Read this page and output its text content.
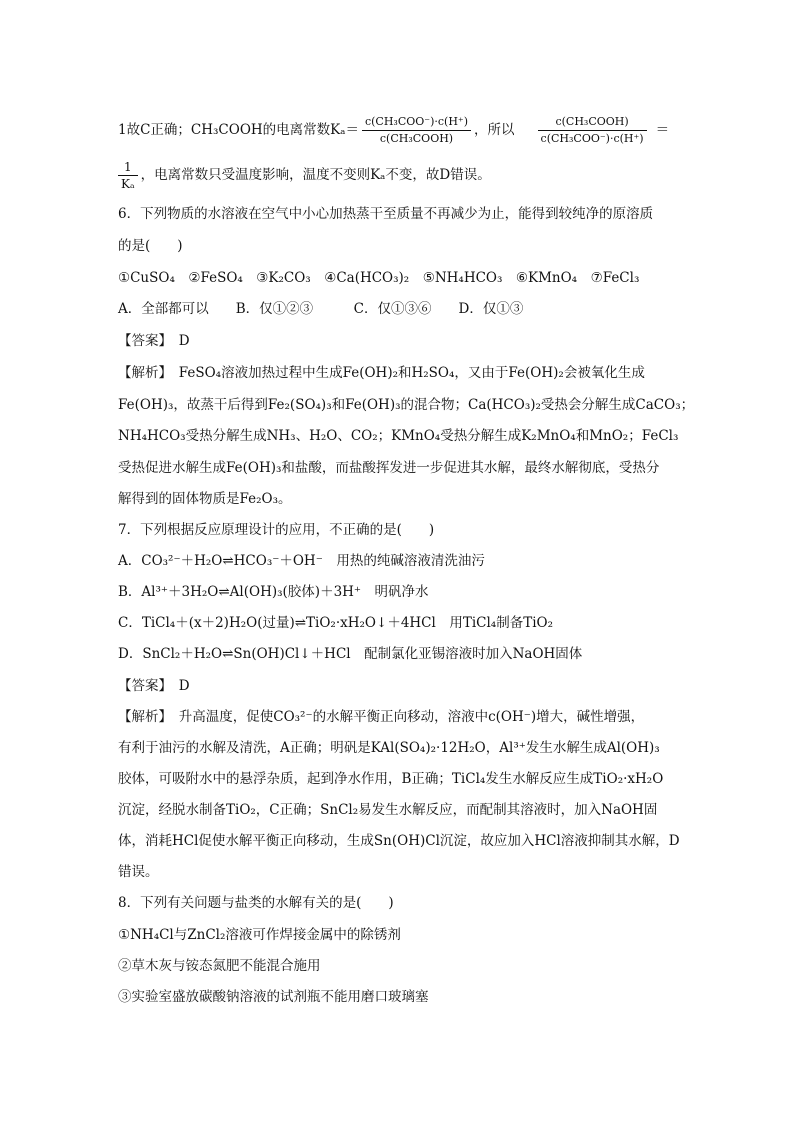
1故C正确；CH₃COOH的电离常数$K_a= \frac{\text{c(CH₃COO⁻)·c(H⁺)}}{\text{c(CH₃COOH)}}$ ，所以 $\frac{\text{c(CH₃COOH)}}{\text{c(CH₃COO⁻)·c(H⁺)}}$ ＝
$\frac{1}{\text{Kₐ}}$ ，电离常数只受温度影响，温度不变则Kₐ不变，故D错误。
6．下列物质的水溶液在空气中小心加热蒸干至质量不再减少为止，能得到较纯净的原溶质
的是(　　)
①CuSO₄　②FeSO₄　③K₂CO₃　④Ca(HCO₃)₂　⑤NH₄HCO₃　⑥KMnO₄　⑦FeCl₃
A．全部都可以　　B．仅①②③　　　C．仅①③⑥　　D．仅①③
【答案】　D
【解析】　FeSO₄溶液加热过程中生成Fe(OH)₂和H₂SO₄，又由于Fe(OH)₂会被氧化生成
Fe(OH)₃，故蒸干后得到Fe₂(SO₄)₃和Fe(OH)₃的混合物；Ca(HCO₃)₂受热会分解生成CaCO₃；
NH₄HCO₃受热分解生成NH₃、H₂O、CO₂；KMnO₄受热分解生成K₂MnO₄和MnO₂；FeCl₃
受热促进水解生成Fe(OH)₃和盐酸，而盐酸挥发进一步促进其水解，最终水解彻底，受热分
解得到的固体物质是Fe₂O₃。
7．下列根据反应原理设计的应用，不正确的是(　　)
A．CO₃²⁻＋H₂O⇌HCO₃⁻＋OH⁻　用热的纯碱溶液清洗油污
B．Al³⁺＋3H₂O⇌Al(OH)₃(胶体)＋3H⁺　明矾净水
C．TiCl₄＋(x＋2)H₂O(过量)⇌TiO₂·xH₂O↓＋4HCl　用TiCl₄制备TiO₂
D．SnCl₂＋H₂O⇌Sn(OH)Cl↓＋HCl　配制氯化亚锡溶液时加入NaOH固体
【答案】　D
【解析】　升高温度，促使CO₃²⁻的水解平衡正向移动，溶液中c(OH⁻)增大，碱性增强，
有利于油污的水解及清洗，A正确；明矾是KAl(SO₄)₂·12H₂O，Al³⁺发生水解生成Al(OH)₃
胶体，可吸附水中的悬浮杂质，起到净水作用，B正确；TiCl₄发生水解反应生成TiO₂·xH₂O
沉淀，经脱水制备TiO₂，C正确；SnCl₂易发生水解反应，而配制其溶液时，加入NaOH固
体，消耗HCl促使水解平衡正向移动，生成Sn(OH)Cl沉淀，故应加入HCl溶液抑制其水解，D
错误。
8．下列有关问题与盐类的水解有关的是(　　)
①NH₄Cl与ZnCl₂溶液可作焊接金属中的除锈剂
②草木灰与铵态氮肥不能混合施用
③实验室盛放碳酸钠溶液的试剂瓶不能用磨口玻璃塞
